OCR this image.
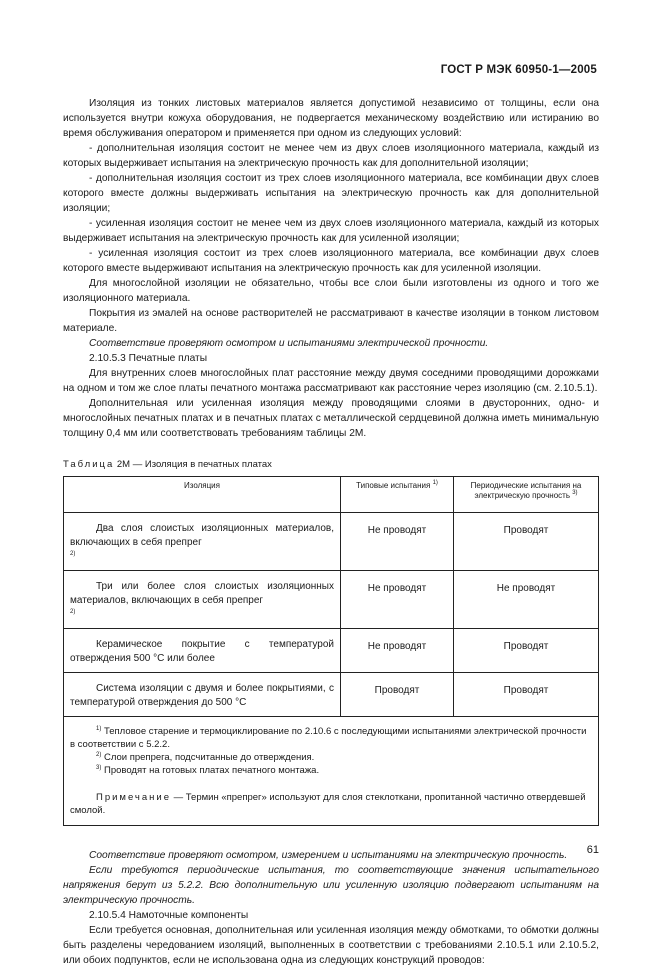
ГОСТ Р МЭК 60950-1—2005

Изоляция из тонких листовых материалов является допустимой независимо от толщины, если она используется внутри кожуха оборудования, не подвергается механическому воздействию или истиранию во время обслуживания оператором и применяется при одном из следующих условий:

- дополнительная изоляция состоит не менее чем из двух слоев изоляционного материала, каждый из которых выдерживает испытания на электрическую прочность как для дополнительной изоляции;

- дополнительная изоляция состоит из трех слоев изоляционного материала, все комбинации двух слоев которого вместе должны выдерживать испытания на электрическую прочность как для дополнительной изоляции;

- усиленная изоляция состоит не менее чем из двух слоев изоляционного материала, каждый из которых выдерживает испытания на электрическую прочность как для усиленной изоляции;

- усиленная изоляция состоит из трех слоев изоляционного материала, все комбинации двух слоев которого вместе выдерживают испытания на электрическую прочность как для усиленной изоляции.

Для многослойной изоляции не обязательно, чтобы все слои были изготовлены из одного и того же изоляционного материала.

Покрытия из эмалей на основе растворителей не рассматривают в качестве изоляции в тонком листовом материале.

Соответствие проверяют осмотром и испытаниями электрической прочности.

2.10.5.3 Печатные платы

Для внутренних слоев многослойных плат расстояние между двумя соседними проводящими дорожками на одном и том же слое платы печатного монтажа рассматривают как расстояние через изоляцию (см. 2.10.5.1).

Дополнительная или усиленная изоляция между проводящими слоями в двусторонних, одно- и многослойных печатных платах и в печатных платах с металлической сердцевиной должна иметь минимальную толщину 0,4 мм или соответствовать требованиям таблицы 2М.

Таблица 2М — Изоляция в печатных платах

Изоляция	Типовые испытания $^{1)}$	Периодические испытания на электрическую прочность $^{3)}$

Два слоя слоистых изоляционных материалов, включающих в себя препрег
$^{2)}$	Не проводят	Проводят

Три или более слоя слоистых изоляционных материалов, включающих в себя препрег
$^{2)}$	Не проводят	Не проводят

Керамическое покрытие с температурой отверждения 500 °С или более	Не проводят	Проводят

Система изоляции с двумя и более покрытиями, с температурой отверждения до 500 °С	Проводят	Проводят

$^{1)}$ Тепловое старение и термоциклирование по 2.10.6 с последующими испытаниями электрической прочности в соответствии с 5.2.2.
$^{2)}$ Слои препрега, подсчитанные до отверждения.
$^{3)}$ Проводят на готовых платах печатного монтажа.
Примечание — Термин «препрег» используют для слоя стеклоткани, пропитанной частично отвердевшей смолой.		

Соответствие проверяют осмотром, измерением и испытаниями на электрическую прочность.

Если требуются периодические испытания, то соответствующие значения испытательного напряжения берут из 5.2.2. Всю дополнительную или усиленную изоляцию подвергают испытаниям на электрическую прочность.

2.10.5.4 Намоточные компоненты

Если требуется основная, дополнительная или усиленная изоляция между обмотками, то обмотки должны быть разделены чередованием изоляций, выполненных в соответствии с требованиями 2.10.5.1 или 2.10.5.2, или обоих подпунктов, если не использована одна из следующих конструкций проводов:

61
